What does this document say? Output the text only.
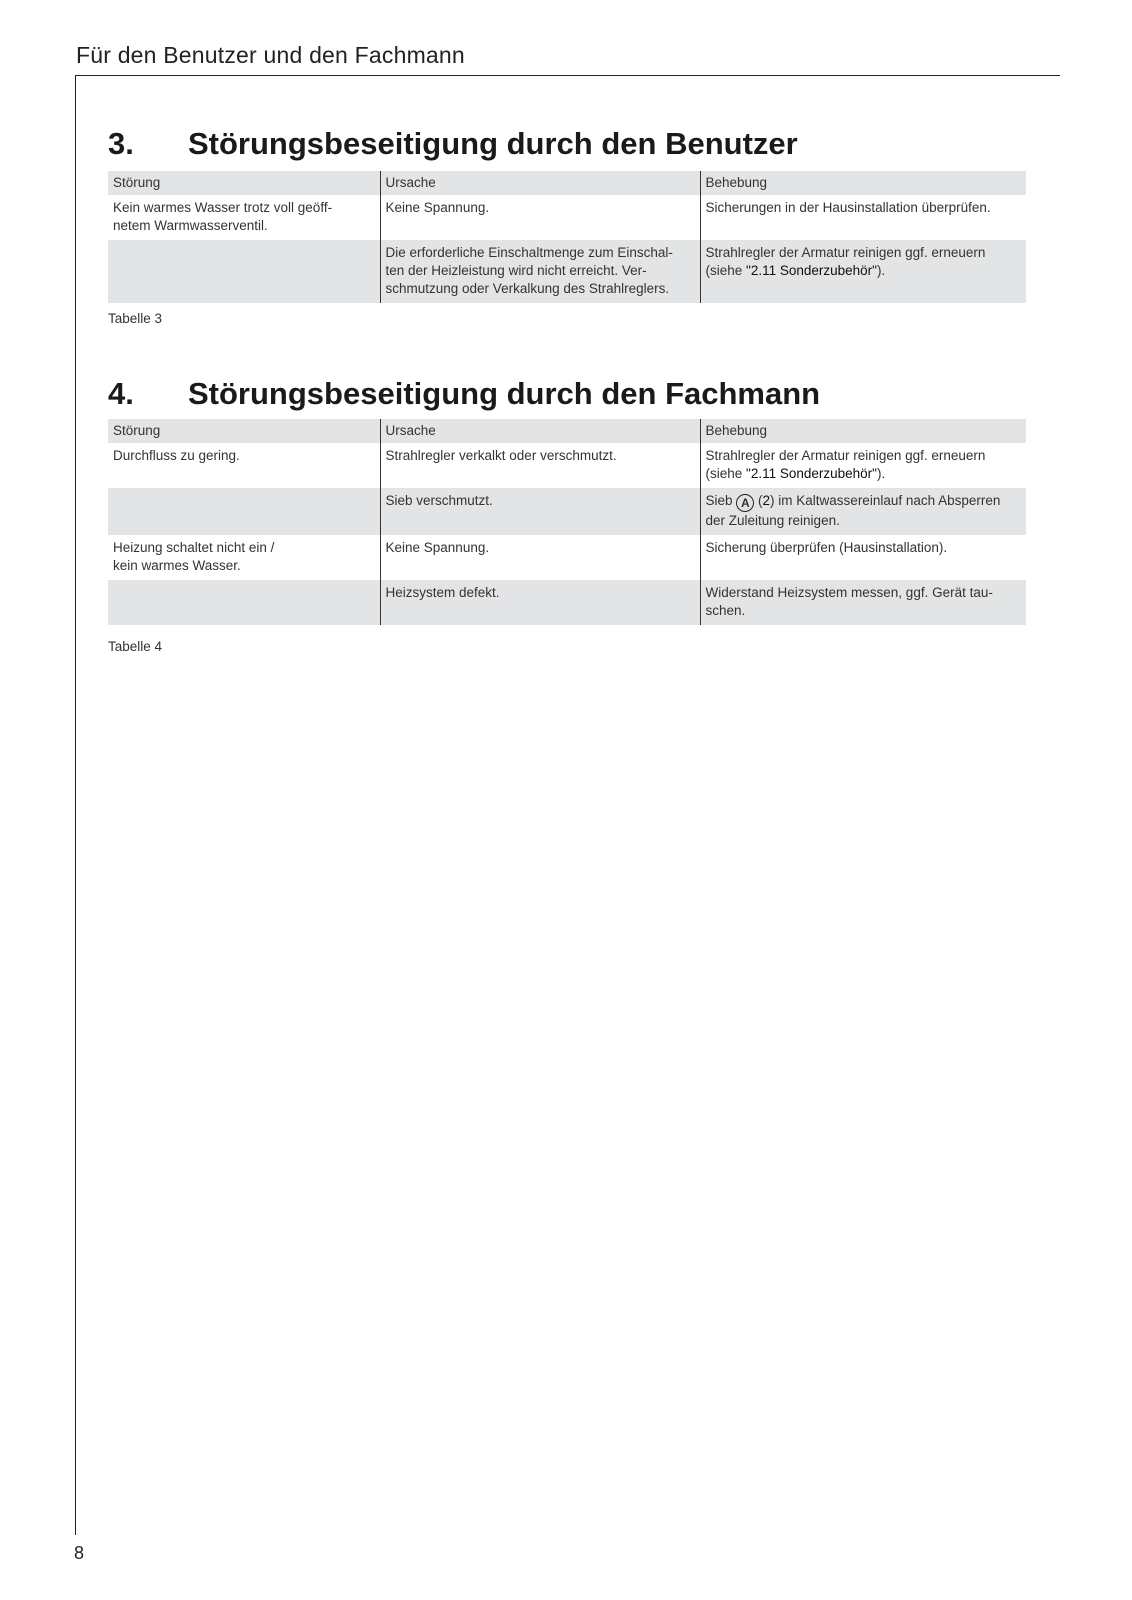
Für den Benutzer und den Fachmann
3.	Störungsbeseitigung durch den Benutzer
Störung	Ursache	Behebung
Kein warmes Wasser trotz voll geöff-
netem Warmwasserventil.	Keine Spannung.	Sicherungen in der Hausinstallation überprüfen.
	Die erforderliche Einschaltmenge zum Einschal-
ten der Heizleistung wird nicht erreicht. Ver-
schmutzung oder Verkalkung des Strahlreglers.	Strahlregler der Armatur reinigen ggf. erneuern
(siehe "2.11 Sonderzubehör").
Tabelle 3
4.	Störungsbeseitigung durch den Fachmann
Störung	Ursache	Behebung
Durchfluss zu gering.	Strahlregler verkalkt oder verschmutzt.	Strahlregler der Armatur reinigen ggf. erneuern
(siehe "2.11 Sonderzubehör").
	Sieb verschmutzt.	Sieb A (2) im Kaltwassereinlauf nach Absperren
der Zuleitung reinigen.
Heizung schaltet nicht ein /
kein warmes Wasser.	Keine Spannung.	Sicherung überprüfen (Hausinstallation).
	Heizsystem defekt.	Widerstand Heizsystem messen, ggf. Gerät tau-
schen.
Tabelle 4
8
